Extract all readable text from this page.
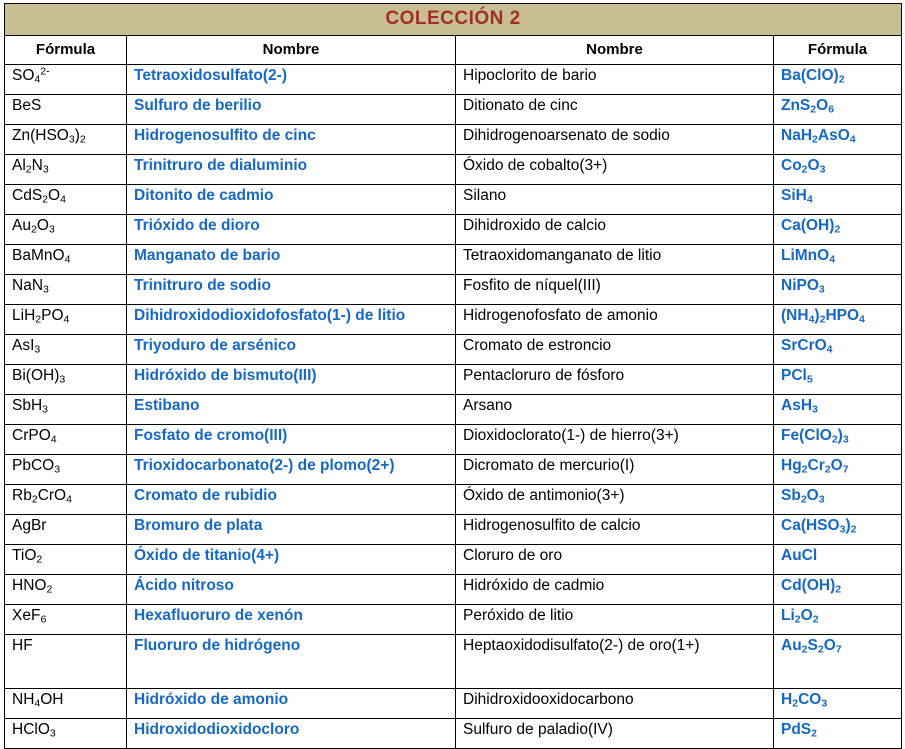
COLECCIÓN 2			
Fórmula	Nombre	Nombre	Fórmula
$SO_4^{2-}$	Tetraoxidosulfato(2-)	Hipoclorito de bario	$Ba(ClO)_2$
BeS	Sulfuro de berilio	Ditionato de cinc	$ZnS_2O_6$
$Zn(HSO_3)_2$	Hidrogenosulfito de cinc	Dihidrogenoarsenato de sodio	NaH$_2$AsO$_4$
$Al_2N_3$	Trinitruro de dialuminio	Óxido de cobalto(3+)	$Co_2O_3$
$CdS_2O_4$	Ditonito de cadmio	Silano	SiH$_4$
$Au_2O_3$	Trióxido de dioro	Dihidroxido de calcio	$Ca(OH)_2$
BaMnO$_4$	Manganato de bario	Tetraoxidomanganato de litio	LiMnO$_4$
NaN$_3$	Trinitruro de sodio	Fosfito de níquel(III)	NiPO$_3$
$LiH_2PO_4$	Dihidroxidodioxidofosfato(1-) de litio	Hidrogenofosfato de amonio	$(NH_4)_2HPO_4$
AsI$_3$	Triyoduro de arsénico	Cromato de estroncio	SrCrO$_4$
$Bi(OH)_3$	Hidróxido de bismuto(III)	Pentacloruro de fósforo	PCl$_5$
SbH$_3$	Estibano	Arsano	AsH$_3$
CrPO$_4$	Fosfato de cromo(III)	Dioxidoclorato(1-) de hierro(3+)	$Fe(ClO_2)_3$
PbCO$_3$	Trioxidocarbonato(2-) de plomo(2+)	Dicromato de mercurio(I)	$Hg_2Cr_2O_7$
$Rb_2CrO_4$	Cromato de rubidio	Óxido de antimonio(3+)	$Sb_2O_3$
AgBr	Bromuro de plata	Hidrogenosulfito de calcio	$Ca(HSO_3)_2$
TiO$_2$	Óxido de titanio(4+)	Cloruro de oro	AuCl
$HNO_2$	Ácido nitroso	Hidróxido de cadmio	$Cd(OH)_2$
XeF$_6$	Hexafluoruro de xenón	Peróxido de litio	$Li_2O_2$
HF	Fluoruro de hidrógeno	Heptaoxidodisulfato(2-) de oro(1+)	$Au_2S_2O_7$
$NH_4OH$	Hidróxido de amonio	Dihidroxidooxidocarbono	$H_2CO_3$
HClO$_3$	Hidroxidodioxidocloro	Sulfuro de paladio(IV)	PdS$_2$
